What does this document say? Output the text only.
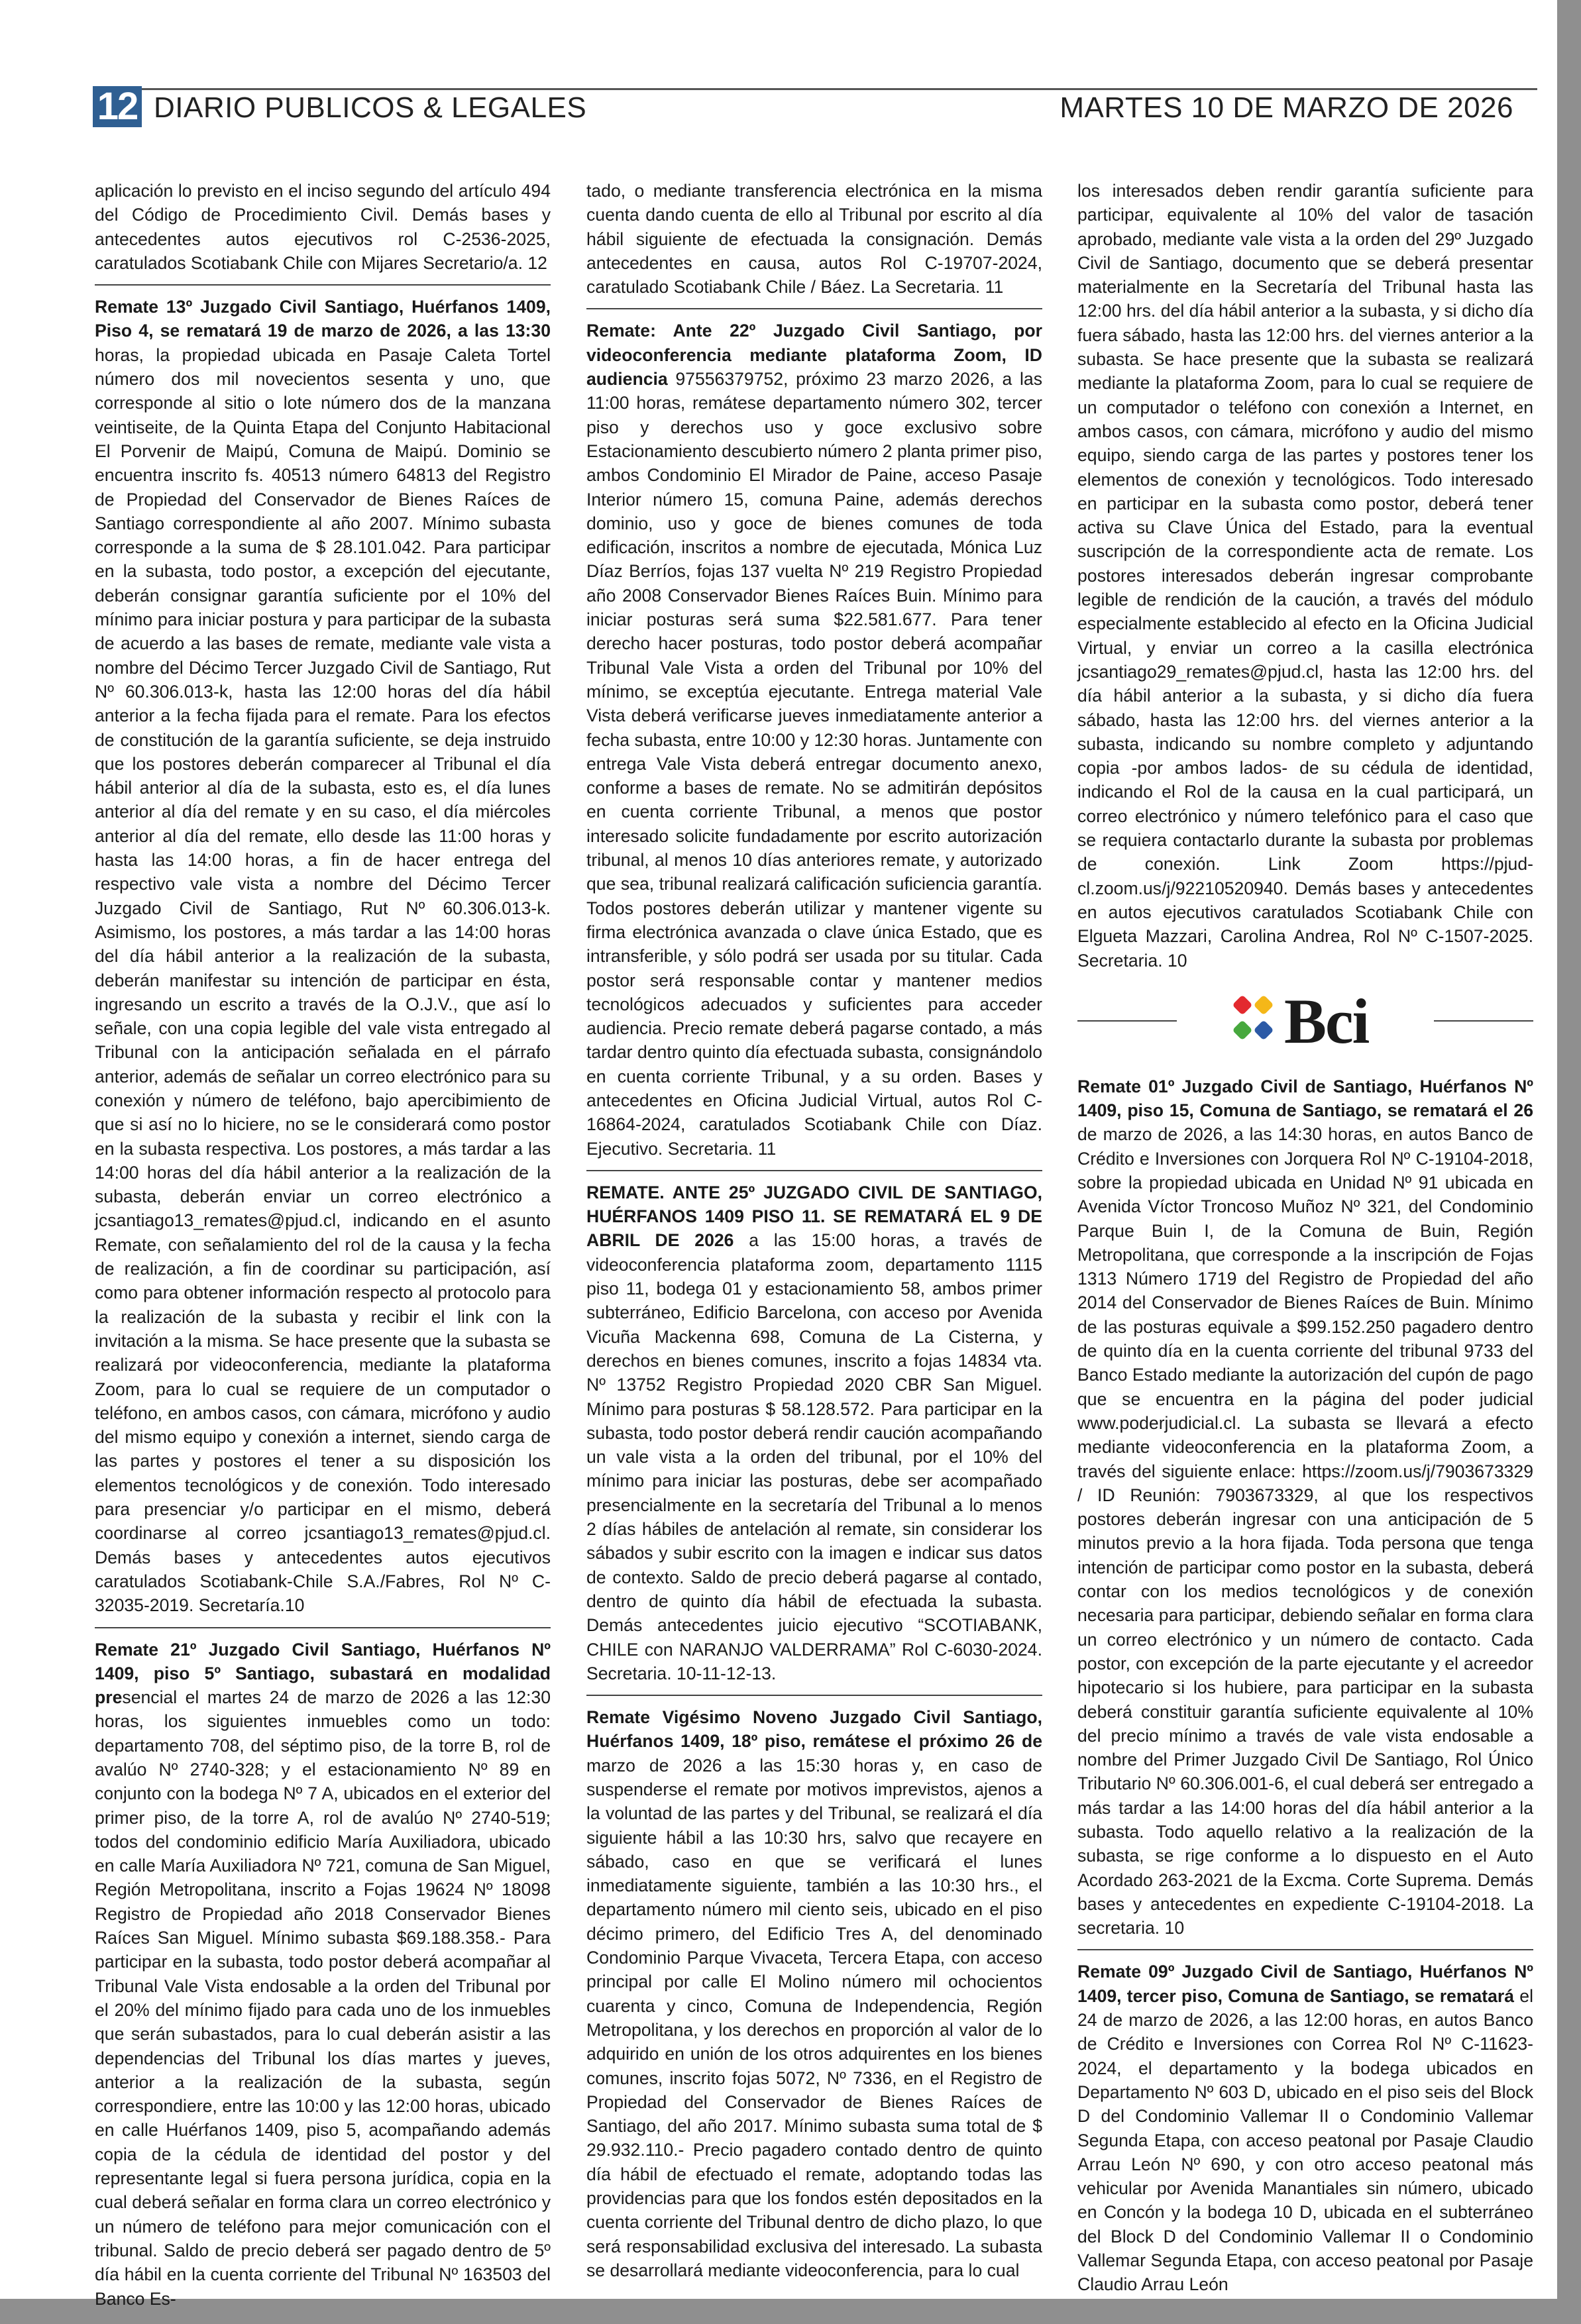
12 DIARIO PUBLICOS & LEGALES	MARTES 10 DE MARZO DE 2026

aplicación lo previsto en el inciso segundo del artículo 494 del Código de Procedimiento Civil. Demás bases y antecedentes autos ejecutivos rol C-2536-2025, caratulados Scotiabank Chile con Mijares Secretario/a. 12

Remate 13º Juzgado Civil Santiago, Huérfanos 1409, Piso 4, se rematará 19 de marzo de 2026, a las 13:30 horas, la propiedad ubicada en Pasaje Caleta Tortel número dos mil novecientos sesenta y uno, que corresponde al sitio o lote número dos de la manzana veintiseite, de la Quinta Etapa del Conjunto Habitacional El Porvenir de Maipú, Comuna de Maipú. Dominio se encuentra inscrito fs. 40513 número 64813 del Registro de Propiedad del Conservador de Bienes Raíces de Santiago correspondiente al año 2007. Mínimo subasta corresponde a la suma de $ 28.101.042. Para participar en la subasta, todo postor, a excepción del ejecutante, deberán consignar garantía suficiente por el 10% del mínimo para iniciar postura y para participar de la subasta de acuerdo a las bases de remate, mediante vale vista a nombre del Décimo Tercer Juzgado Civil de Santiago, Rut Nº 60.306.013-k, hasta las 12:00 horas del día hábil anterior a la fecha fijada para el remate. Para los efectos de constitución de la garantía suficiente, se deja instruido que los postores deberán comparecer al Tribunal el día hábil anterior al día de la subasta, esto es, el día lunes anterior al día del remate y en su caso, el día miércoles anterior al día del remate, ello desde las 11:00 horas y hasta las 14:00 horas, a fin de hacer entrega del respectivo vale vista a nombre del Décimo Tercer Juzgado Civil de Santiago, Rut Nº 60.306.013-k. Asimismo, los postores, a más tardar a las 14:00 horas del día hábil anterior a la realización de la subasta, deberán manifestar su intención de participar en ésta, ingresando un escrito a través de la O.J.V., que así lo señale, con una copia legible del vale vista entregado al Tribunal con la anticipación señalada en el párrafo anterior, además de señalar un correo electrónico para su conexión y número de teléfono, bajo apercibimiento de que si así no lo hiciere, no se le considerará como postor en la subasta respectiva. Los postores, a más tardar a las 14:00 horas del día hábil anterior a la realización de la subasta, deberán enviar un correo electrónico a jcsantiago13_remates@pjud.cl, indicando en el asunto Remate, con señalamiento del rol de la causa y la fecha de realización, a fin de coordinar su participación, así como para obtener información respecto al protocolo para la realización de la subasta y recibir el link con la invitación a la misma. Se hace presente que la subasta se realizará por videoconferencia, mediante la plataforma Zoom, para lo cual se requiere de un computador o teléfono, en ambos casos, con cámara, micrófono y audio del mismo equipo y conexión a internet, siendo carga de las partes y postores el tener a su disposición los elementos tecnológicos y de conexión. Todo interesado para presenciar y/o participar en el mismo, deberá coordinarse al correo jcsantiago13_remates@pjud.cl. Demás bases y antecedentes autos ejecutivos caratulados Scotiabank-Chile S.A./Fabres, Rol Nº C-32035-2019. Secretaría.10

Remate 21º Juzgado Civil Santiago, Huérfanos Nº 1409, piso 5º Santiago, subastará en modalidad presencial el martes 24 de marzo de 2026 a las 12:30 horas, los siguientes inmuebles como un todo: departamento 708, del séptimo piso, de la torre B, rol de avalúo Nº 2740-328; y el estacionamiento Nº 89 en conjunto con la bodega Nº 7 A, ubicados en el exterior del primer piso, de la torre A, rol de avalúo Nº 2740-519; todos del condominio edificio María Auxiliadora, ubicado en calle María Auxiliadora Nº 721, comuna de San Miguel, Región Metropolitana, inscrito a Fojas 19624 Nº 18098 Registro de Propiedad año 2018 Conservador Bienes Raíces San Miguel. Mínimo subasta $69.188.358.- Para participar en la subasta, todo postor deberá acompañar al Tribunal Vale Vista endosable a la orden del Tribunal por el 20% del mínimo fijado para cada uno de los inmuebles que serán subastados, para lo cual deberán asistir a las dependencias del Tribunal los días martes y jueves, anterior a la realización de la subasta, según correspondiere, entre las 10:00 y las 12:00 horas, ubicado en calle Huérfanos 1409, piso 5, acompañando además copia de la cédula de identidad del postor y del representante legal si fuera persona jurídica, copia en la cual deberá señalar en forma clara un correo electrónico y un número de teléfono para mejor comunicación con el tribunal. Saldo de precio deberá ser pagado dentro de 5º día hábil en la cuenta corriente del Tribunal Nº 163503 del Banco Es-

tado, o mediante transferencia electrónica en la misma cuenta dando cuenta de ello al Tribunal por escrito al día hábil siguiente de efectuada la consignación. Demás antecedentes en causa, autos Rol C-19707-2024, caratulado Scotiabank Chile / Báez. La Secretaria. 11

Remate: Ante 22º Juzgado Civil Santiago, por videoconferencia mediante plataforma Zoom, ID audiencia 97556379752, próximo 23 marzo 2026, a las 11:00 horas, remátese departamento número 302, tercer piso y derechos uso y goce exclusivo sobre Estacionamiento descubierto número 2 planta primer piso, ambos Condominio El Mirador de Paine, acceso Pasaje Interior número 15, comuna Paine, además derechos dominio, uso y goce de bienes comunes de toda edificación, inscritos a nombre de ejecutada, Mónica Luz Díaz Berríos, fojas 137 vuelta Nº 219 Registro Propiedad año 2008 Conservador Bienes Raíces Buin. Mínimo para iniciar posturas será suma $22.581.677. Para tener derecho hacer posturas, todo postor deberá acompañar Tribunal Vale Vista a orden del Tribunal por 10% del mínimo, se exceptúa ejecutante. Entrega material Vale Vista deberá verificarse jueves inmediatamente anterior a fecha subasta, entre 10:00 y 12:30 horas. Juntamente con entrega Vale Vista deberá entregar documento anexo, conforme a bases de remate. No se admitirán depósitos en cuenta corriente Tribunal, a menos que postor interesado solicite fundadamente por escrito autorización tribunal, al menos 10 días anteriores remate, y autorizado que sea, tribunal realizará calificación suficiencia garantía. Todos postores deberán utilizar y mantener vigente su firma electrónica avanzada o clave única Estado, que es intransferible, y sólo podrá ser usada por su titular. Cada postor será responsable contar y mantener medios tecnológicos adecuados y suficientes para acceder audiencia. Precio remate deberá pagarse contado, a más tardar dentro quinto día efectuada subasta, consignándolo en cuenta corriente Tribunal, y a su orden. Bases y antecedentes en Oficina Judicial Virtual, autos Rol C-16864-2024, caratulados Scotiabank Chile con Díaz. Ejecutivo. Secretaria. 11

REMATE. ANTE 25º JUZGADO CIVIL DE SANTIAGO, HUÉRFANOS 1409 PISO 11. SE REMATARÁ EL 9 DE ABRIL DE 2026 a las 15:00 horas, a través de videoconferencia plataforma zoom, departamento 1115 piso 11, bodega 01 y estacionamiento 58, ambos primer subterráneo, Edificio Barcelona, con acceso por Avenida Vicuña Mackenna 698, Comuna de La Cisterna, y derechos en bienes comunes, inscrito a fojas 14834 vta. Nº 13752 Registro Propiedad 2020 CBR San Miguel. Mínimo para posturas $ 58.128.572. Para participar en la subasta, todo postor deberá rendir caución acompañando un vale vista a la orden del tribunal, por el 10% del mínimo para iniciar las posturas, debe ser acompañado presencialmente en la secretaría del Tribunal a lo menos 2 días hábiles de antelación al remate, sin considerar los sábados y subir escrito con la imagen e indicar sus datos de contexto. Saldo de precio deberá pagarse al contado, dentro de quinto día hábil de efectuada la subasta. Demás antecedentes juicio ejecutivo “SCOTIABANK, CHILE con NARANJO VALDERRAMA” Rol C-6030-2024. Secretaria. 10-11-12-13.

Remate Vigésimo Noveno Juzgado Civil Santiago, Huérfanos 1409, 18º piso, remátese el próximo 26 de marzo de 2026 a las 15:30 horas y, en caso de suspenderse el remate por motivos imprevistos, ajenos a la voluntad de las partes y del Tribunal, se realizará el día siguiente hábil a las 10:30 hrs, salvo que recayere en sábado, caso en que se verificará el lunes inmediatamente siguiente, también a las 10:30 hrs., el departamento número mil ciento seis, ubicado en el piso décimo primero, del Edificio Tres A, del denominado Condominio Parque Vivaceta, Tercera Etapa, con acceso principal por calle El Molino número mil ochocientos cuarenta y cinco, Comuna de Independencia, Región Metropolitana, y los derechos en proporción al valor de lo adquirido en unión de los otros adquirentes en los bienes comunes, inscrito fojas 5072, Nº 7336, en el Registro de Propiedad del Conservador de Bienes Raíces de Santiago, del año 2017. Mínimo subasta suma total de $ 29.932.110.- Precio pagadero contado dentro de quinto día hábil de efectuado el remate, adoptando todas las providencias para que los fondos estén depositados en la cuenta corriente del Tribunal dentro de dicho plazo, lo que será responsabilidad exclusiva del interesado. La subasta se desarrollará mediante videoconferencia, para lo cual

los interesados deben rendir garantía suficiente para participar, equivalente al 10% del valor de tasación aprobado, mediante vale vista a la orden del 29º Juzgado Civil de Santiago, documento que se deberá presentar materialmente en la Secretaría del Tribunal hasta las 12:00 hrs. del día hábil anterior a la subasta, y si dicho día fuera sábado, hasta las 12:00 hrs. del viernes anterior a la subasta. Se hace presente que la subasta se realizará mediante la plataforma Zoom, para lo cual se requiere de un computador o teléfono con conexión a Internet, en ambos casos, con cámara, micrófono y audio del mismo equipo, siendo carga de las partes y postores tener los elementos de conexión y tecnológicos. Todo interesado en participar en la subasta como postor, deberá tener activa su Clave Única del Estado, para la eventual suscripción de la correspondiente acta de remate. Los postores interesados deberán ingresar comprobante legible de rendición de la caución, a través del módulo especialmente establecido al efecto en la Oficina Judicial Virtual, y enviar un correo a la casilla electrónica jcsantiago29_remates@pjud.cl, hasta las 12:00 hrs. del día hábil anterior a la subasta, y si dicho día fuera sábado, hasta las 12:00 hrs. del viernes anterior a la subasta, indicando su nombre completo y adjuntando copia -por ambos lados- de su cédula de identidad, indicando el Rol de la causa en la cual participará, un correo electrónico y número telefónico para el caso que se requiera contactarlo durante la subasta por problemas de conexión. Link Zoom https://pjud-cl.zoom.us/j/92210520940. Demás bases y antecedentes en autos ejecutivos caratulados Scotiabank Chile con Elgueta Mazzari, Carolina Andrea, Rol Nº C-1507-2025. Secretaria. 10

Bci

Remate 01º Juzgado Civil de Santiago, Huérfanos Nº 1409, piso 15, Comuna de Santiago, se rematará el 26 de marzo de 2026, a las 14:30 horas, en autos Banco de Crédito e Inversiones con Jorquera Rol Nº C-19104-2018, sobre la propiedad ubicada en Unidad Nº 91 ubicada en Avenida Víctor Troncoso Muñoz Nº 321, del Condominio Parque Buin I, de la Comuna de Buin, Región Metropolitana, que corresponde a la inscripción de Fojas 1313 Número 1719 del Registro de Propiedad del año 2014 del Conservador de Bienes Raíces de Buin. Mínimo de las posturas equivale a $99.152.250 pagadero dentro de quinto día en la cuenta corriente del tribunal 9733 del Banco Estado mediante la autorización del cupón de pago que se encuentra en la página del poder judicial www.poderjudicial.cl. La subasta se llevará a efecto mediante videoconferencia en la plataforma Zoom, a través del siguiente enlace: https://zoom.us/j/7903673329 / ID Reunión: 7903673329, al que los respectivos postores deberán ingresar con una anticipación de 5 minutos previo a la hora fijada. Toda persona que tenga intención de participar como postor en la subasta, deberá contar con los medios tecnológicos y de conexión necesaria para participar, debiendo señalar en forma clara un correo electrónico y un número de contacto. Cada postor, con excepción de la parte ejecutante y el acreedor hipotecario si los hubiere, para participar en la subasta deberá constituir garantía suficiente equivalente al 10% del precio mínimo a través de vale vista endosable a nombre del Primer Juzgado Civil De Santiago, Rol Único Tributario Nº 60.306.001-6, el cual deberá ser entregado a más tardar a las 14:00 horas del día hábil anterior a la subasta. Todo aquello relativo a la realización de la subasta, se rige conforme a lo dispuesto en el Auto Acordado 263-2021 de la Excma. Corte Suprema. Demás bases y antecedentes en expediente C-19104-2018. La secretaria. 10

Remate 09º Juzgado Civil de Santiago, Huérfanos Nº 1409, tercer piso, Comuna de Santiago, se rematará el 24 de marzo de 2026, a las 12:00 horas, en autos Banco de Crédito e Inversiones con Correa Rol Nº C-11623-2024, el departamento y la bodega ubicados en Departamento Nº 603 D, ubicado en el piso seis del Block D del Condominio Vallemar II o Condominio Vallemar Segunda Etapa, con acceso peatonal por Pasaje Claudio Arrau León Nº 690, y con otro acceso peatonal más vehicular por Avenida Manantiales sin número, ubicado en Concón y la bodega 10 D, ubicada en el subterráneo del Block D del Condominio Vallemar II o Condominio Vallemar Segunda Etapa, con acceso peatonal por Pasaje Claudio Arrau León
